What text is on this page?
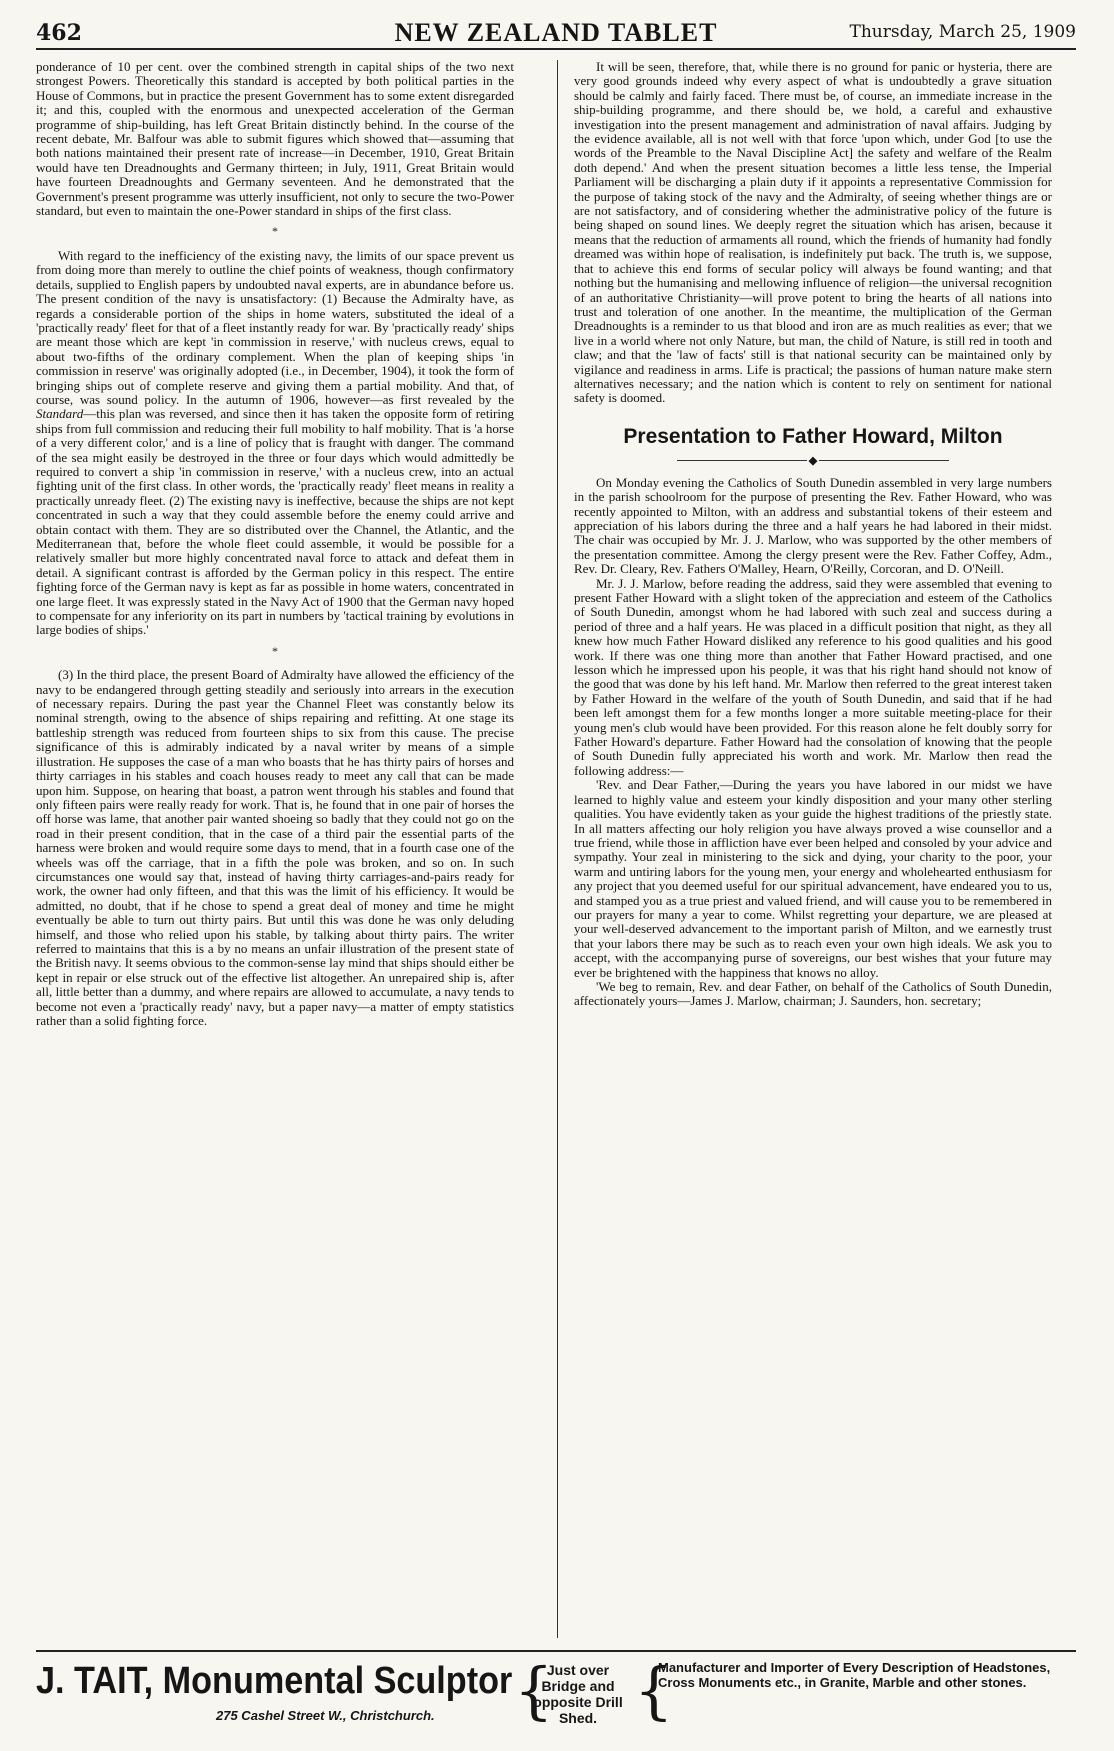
462	NEW ZEALAND TABLET	Thursday, March 25, 1909

ponderance of 10 per cent. over the combined strength in capital ships of the two next strongest Powers. Theoretically this standard is accepted by both political parties in the House of Commons, but in practice the present Government has to some extent disregarded it; and this, coupled with the enormous and unexpected acceleration of the German programme of ship-building, has left Great Britain distinctly behind. In the course of the recent debate, Mr. Balfour was able to submit figures which showed that—assuming that both nations maintained their present rate of increase—in December, 1910, Great Britain would have ten Dreadnoughts and Germany thirteen; in July, 1911, Great Britain would have fourteen Dreadnoughts and Germany seventeen. And he demonstrated that the Government's present programme was utterly insufficient, not only to secure the two-Power standard, but even to maintain the one-Power standard in ships of the first class.

*

With regard to the inefficiency of the existing navy, the limits of our space prevent us from doing more than merely to outline the chief points of weakness, though confirmatory details, supplied to English papers by undoubted naval experts, are in abundance before us. The present condition of the navy is unsatisfactory: (1) Because the Admiralty have, as regards a considerable portion of the ships in home waters, substituted the ideal of a 'practically ready' fleet for that of a fleet instantly ready for war. By 'practically ready' ships are meant those which are kept 'in commission in reserve,' with nucleus crews, equal to about two-fifths of the ordinary complement. When the plan of keeping ships 'in commission in reserve' was originally adopted (i.e., in December, 1904), it took the form of bringing ships out of complete reserve and giving them a partial mobility. And that, of course, was sound policy. In the autumn of 1906, however—as first revealed by the Standard—this plan was reversed, and since then it has taken the opposite form of retiring ships from full commission and reducing their full mobility to half mobility. That is 'a horse of a very different color,' and is a line of policy that is fraught with danger. The command of the sea might easily be destroyed in the three or four days which would admittedly be required to convert a ship 'in commission in reserve,' with a nucleus crew, into an actual fighting unit of the first class. In other words, the 'practically ready' fleet means in reality a practically unready fleet. (2) The existing navy is ineffective, because the ships are not kept concentrated in such a way that they could assemble before the enemy could arrive and obtain contact with them. They are so distributed over the Channel, the Atlantic, and the Mediterranean that, before the whole fleet could assemble, it would be possible for a relatively smaller but more highly concentrated naval force to attack and defeat them in detail. A significant contrast is afforded by the German policy in this respect. The entire fighting force of the German navy is kept as far as possible in home waters, concentrated in one large fleet. It was expressly stated in the Navy Act of 1900 that the German navy hoped to compensate for any inferiority on its part in numbers by 'tactical training by evolutions in large bodies of ships.'

*

(3) In the third place, the present Board of Admiralty have allowed the efficiency of the navy to be endangered through getting steadily and seriously into arrears in the execution of necessary repairs. During the past year the Channel Fleet was constantly below its nominal strength, owing to the absence of ships repairing and refitting. At one stage its battleship strength was reduced from fourteen ships to six from this cause. The precise significance of this is admirably indicated by a naval writer by means of a simple illustration. He supposes the case of a man who boasts that he has thirty pairs of horses and thirty carriages in his stables and coach houses ready to meet any call that can be made upon him. Suppose, on hearing that boast, a patron went through his stables and found that only fifteen pairs were really ready for work. That is, he found that in one pair of horses the off horse was lame, that another pair wanted shoeing so badly that they could not go on the road in their present condition, that in the case of a third pair the essential parts of the harness were broken and would require some days to mend, that in a fourth case one of the wheels was off the carriage, that in a fifth the pole was broken, and so on. In such circumstances one would say that, instead of having thirty carriages-and-pairs ready for work, the owner had only fifteen, and that this was the limit of his efficiency. It would be admitted, no doubt, that if he chose to spend a great deal of money and time he might eventually be able to turn out thirty pairs. But until this was done he was only deluding himself, and those who relied upon his stable, by talking about thirty pairs. The writer referred to maintains that this is a by no means an unfair illustration of the present state of the British navy. It seems obvious to the common-sense lay mind that ships should either be kept in repair or else struck out of the effective list altogether. An unrepaired ship is, after all, little better than a dummy, and where repairs are allowed to accumulate, a navy tends to become not even a 'practically ready' navy, but a paper navy—a matter of empty statistics rather than a solid fighting force.

It will be seen, therefore, that, while there is no ground for panic or hysteria, there are very good grounds indeed why every aspect of what is undoubtedly a grave situation should be calmly and fairly faced. There must be, of course, an immediate increase in the ship-building programme, and there should be, we hold, a careful and exhaustive investigation into the present management and administration of naval affairs. Judging by the evidence available, all is not well with that force 'upon which, under God [to use the words of the Preamble to the Naval Discipline Act] the safety and welfare of the Realm doth depend.' And when the present situation becomes a little less tense, the Imperial Parliament will be discharging a plain duty if it appoints a representative Commission for the purpose of taking stock of the navy and the Admiralty, of seeing whether things are or are not satisfactory, and of considering whether the administrative policy of the future is being shaped on sound lines. We deeply regret the situation which has arisen, because it means that the reduction of armaments all round, which the friends of humanity had fondly dreamed was within hope of realisation, is indefinitely put back. The truth is, we suppose, that to achieve this end forms of secular policy will always be found wanting; and that nothing but the humanising and mellowing influence of religion—the universal recognition of an authoritative Christianity—will prove potent to bring the hearts of all nations into trust and toleration of one another. In the meantime, the multiplication of the German Dreadnoughts is a reminder to us that blood and iron are as much realities as ever; that we live in a world where not only Nature, but man, the child of Nature, is still red in tooth and claw; and that the 'law of facts' still is that national security can be maintained only by vigilance and readiness in arms. Life is practical; the passions of human nature make stern alternatives necessary; and the nation which is content to rely on sentiment for national safety is doomed.

Presentation to Father Howard, Milton
◆

On Monday evening the Catholics of South Dunedin assembled in very large numbers in the parish schoolroom for the purpose of presenting the Rev. Father Howard, who was recently appointed to Milton, with an address and substantial tokens of their esteem and appreciation of his labors during the three and a half years he had labored in their midst. The chair was occupied by Mr. J. J. Marlow, who was supported by the other members of the presentation committee. Among the clergy present were the Rev. Father Coffey, Adm., Rev. Dr. Cleary, Rev. Fathers O'Malley, Hearn, O'Reilly, Corcoran, and D. O'Neill.

Mr. J. J. Marlow, before reading the address, said they were assembled that evening to present Father Howard with a slight token of the appreciation and esteem of the Catholics of South Dunedin, amongst whom he had labored with such zeal and success during a period of three and a half years. He was placed in a difficult position that night, as they all knew how much Father Howard disliked any reference to his good qualities and his good work. If there was one thing more than another that Father Howard practised, and one lesson which he impressed upon his people, it was that his right hand should not know of the good that was done by his left hand. Mr. Marlow then referred to the great interest taken by Father Howard in the welfare of the youth of South Dunedin, and said that if he had been left amongst them for a few months longer a more suitable meeting-place for their young men's club would have been provided. For this reason alone he felt doubly sorry for Father Howard's departure. Father Howard had the consolation of knowing that the people of South Dunedin fully appreciated his worth and work. Mr. Marlow then read the following address:—

'Rev. and Dear Father,—During the years you have labored in our midst we have learned to highly value and esteem your kindly disposition and your many other sterling qualities. You have evidently taken as your guide the highest traditions of the priestly state. In all matters affecting our holy religion you have always proved a wise counsellor and a true friend, while those in affliction have ever been helped and consoled by your advice and sympathy. Your zeal in ministering to the sick and dying, your charity to the poor, your warm and untiring labors for the young men, your energy and wholehearted enthusiasm for any project that you deemed useful for our spiritual advancement, have endeared you to us, and stamped you as a true priest and valued friend, and will cause you to be remembered in our prayers for many a year to come. Whilst regretting your departure, we are pleased at your well-deserved advancement to the important parish of Milton, and we earnestly trust that your labors there may be such as to reach even your own high ideals. We ask you to accept, with the accompanying purse of sovereigns, our best wishes that your future may ever be brightened with the happiness that knows no alloy.

'We beg to remain, Rev. and dear Father, on behalf of the Catholics of South Dunedin, affectionately yours—James J. Marlow, chairman; J. Saunders, hon. secretary;

J. TAIT, Monumental Sculptor
275 Cashel Street W., Christchurch. {
Just over Bridge and opposite Drill Shed. {
Manufacturer and Importer of Every Description of Headstones, Cross Monuments etc., in Granite, Marble and other stones.
